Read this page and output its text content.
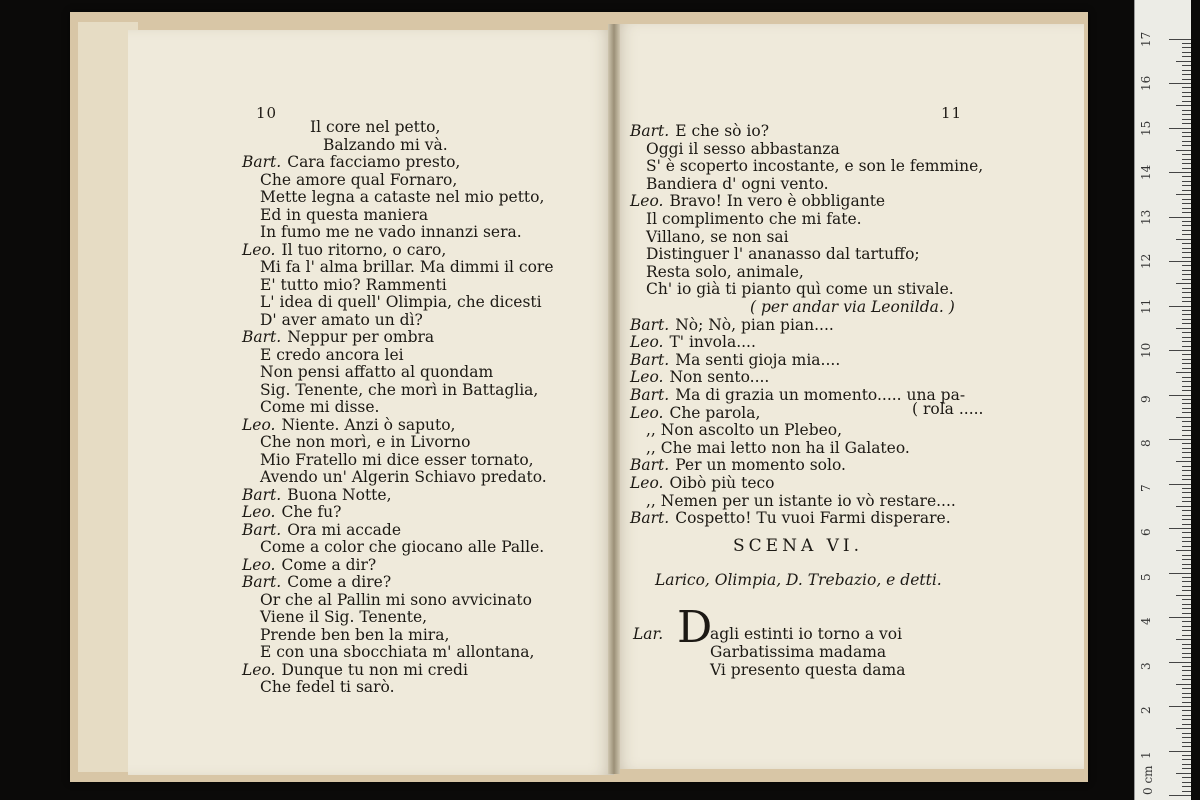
10
Il core nel petto,
Balzando mi và.
Bart. Cara facciamo presto,
Che amore qual Fornaro,
Mette legna a cataste nel mio petto,
Ed in questa maniera
In fumo me ne vado innanzi sera.
Leo. Il tuo ritorno, o caro,
Mi fa l' alma brillar. Ma dimmi il core
E' tutto mio? Rammenti
L' idea di quell' Olimpia, che dicesti
D' aver amato un dì?
Bart. Neppur per ombra
E credo ancora lei
Non pensi affatto al quondam
Sig. Tenente, che morì in Battaglia,
Come mi disse.
Leo. Niente. Anzi ò saputo,
Che non morì, e in Livorno
Mio Fratello mi dice esser tornato,
Avendo un' Algerin Schiavo predato.
Bart. Buona Notte,
Leo. Che fu?
Bart. Ora mi accade
Come a color che giocano alle Palle.
Leo. Come a dir?
Bart. Come a dire?
Or che al Pallin mi sono avvicinato
Viene il Sig. Tenente,
Prende ben ben la mira,
E con una sbocchiata m' allontana,
Leo. Dunque tu non mi credi
Che fedel ti sarò.
11
( rola .....
SCENA VI.
Larico, Olimpia, D. Trebazio, e detti.
Lar. D
agli estinti io torno a voi
Garbatissima madama
Vi presento questa dama
Bart. E che sò io?
Oggi il sesso abbastanza
S' è scoperto incostante, e son le femmine,
Bandiera d' ogni vento.
Leo. Bravo! In vero è obbligante
Il complimento che mi fate.
Villano, se non sai
Distinguer l' ananasso dal tartuffo;
Resta solo, animale,
Ch' io già ti pianto quì come un stivale.
( per andar via Leonilda. )
Bart. Nò; Nò, pian pian....
Leo. T' invola....
Bart. Ma senti gioja mia....
Leo. Non sento....
Bart. Ma di grazia un momento..... una pa-
Leo. Che parola,
,, Non ascolto un Plebeo,
,, Che mai letto non ha il Galateo.
Bart. Per un momento solo.
Leo. Oibò più teco
,, Nemen per un istante io vò restare....
Bart. Cospetto! Tu vuoi Farmi disperare.
0 cm
1
2
3
4
5
6
7
8
9
10
11
12
13
14
15
16
17
